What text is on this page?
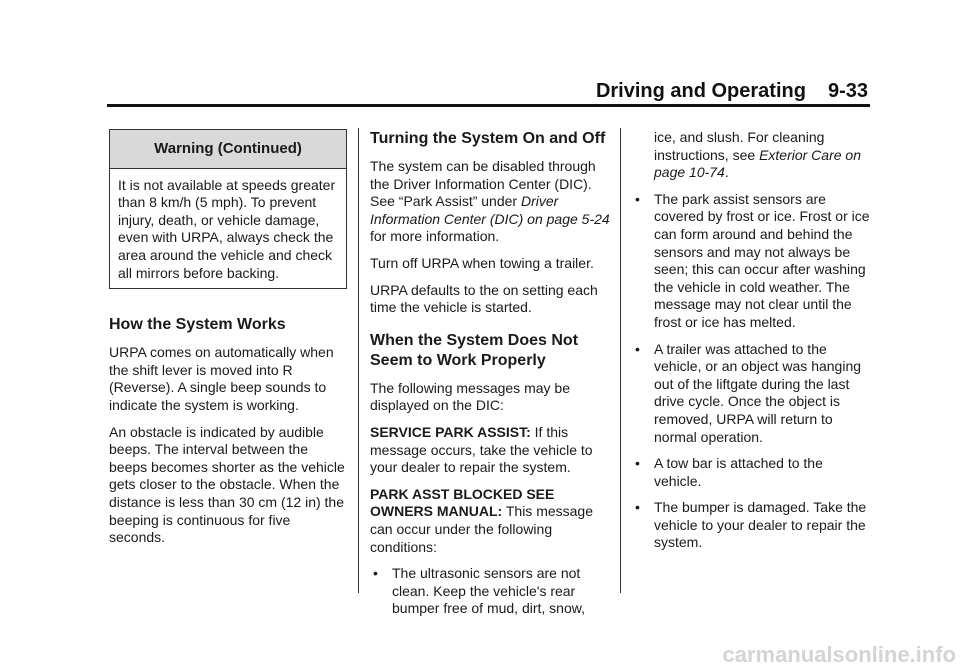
Driving and Operating 9-33
Warning (Continued)
It is not available at speeds greater than 8 km/h (5 mph). To prevent injury, death, or vehicle damage, even with URPA, always check the area around the vehicle and check all mirrors before backing.
How the System Works

URPA comes on automatically when the shift lever is moved into R (Reverse). A single beep sounds to indicate the system is working.

An obstacle is indicated by audible beeps. The interval between the beeps becomes shorter as the vehicle gets closer to the obstacle. When the distance is less than 30 cm (12 in) the beeping is continuous for five seconds.

Turning the System On and Off

The system can be disabled through the Driver Information Center (DIC). See “Park Assist” under Driver Information Center (DIC) on page 5‑24 for more information.

Turn off URPA when towing a trailer.

URPA defaults to the on setting each time the vehicle is started.

When the System Does Not Seem to Work Properly

The following messages may be displayed on the DIC:

SERVICE PARK ASSIST: If this message occurs, take the vehicle to your dealer to repair the system.

PARK ASST BLOCKED SEE OWNERS MANUAL: This message can occur under the following conditions:

• The ultrasonic sensors are not clean. Keep the vehicle's rear bumper free of mud, dirt, snow,

ice, and slush. For cleaning instructions, see Exterior Care on page 10‑74.

• The park assist sensors are covered by frost or ice. Frost or ice can form around and behind the sensors and may not always be seen; this can occur after washing the vehicle in cold weather. The message may not clear until the frost or ice has melted.
• A trailer was attached to the vehicle, or an object was hanging out of the liftgate during the last drive cycle. Once the object is removed, URPA will return to normal operation.
• A tow bar is attached to the vehicle.
• The bumper is damaged. Take the vehicle to your dealer to repair the system.
carmanualsonline.info
